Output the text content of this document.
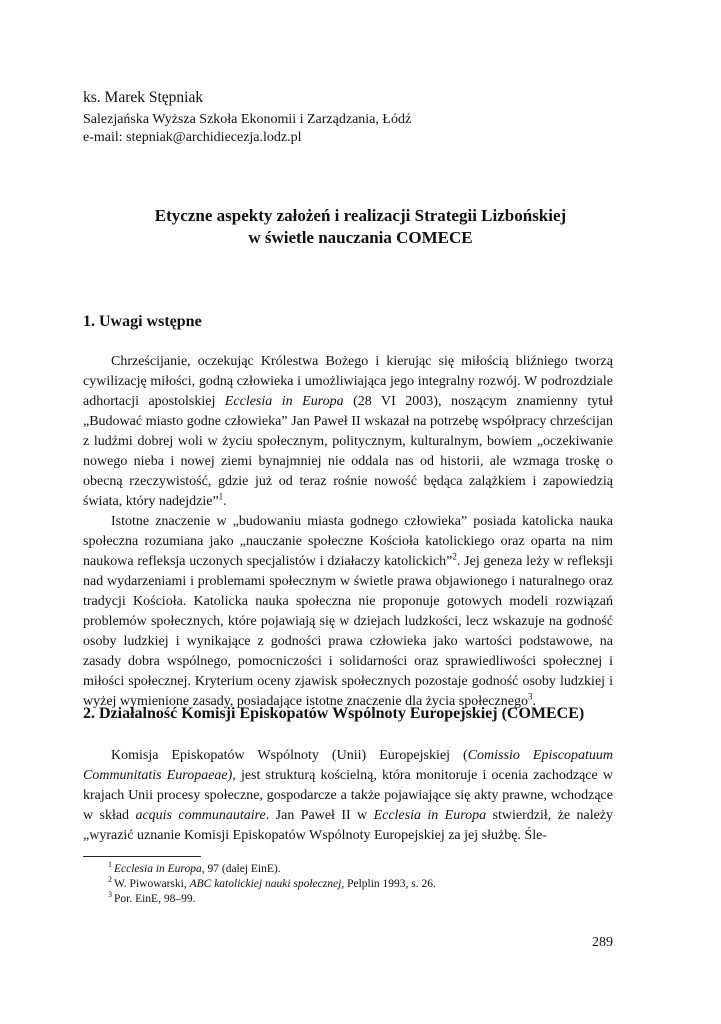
ks. Marek Stępniak

Salezjańska Wyższa Szkoła Ekonomii i Zarządzania, Łódź

e-mail: stepniak@archidiecezja.lodz.pl

Etyczne aspekty założeń i realizacji Strategii Lizbońskiej
w świetle nauczania COMECE
1. Uwagi wstępne

Chrześcijanie, oczekując Królestwa Bożego i kierując się miłością bliźniego tworzą cywilizację miłości, godną człowieka i umożliwiająca jego integralny rozwój. W podrozdziale adhortacji apostolskiej Ecclesia in Europa (28 VI 2003), noszącym znamienny tytuł „Budować miasto godne człowieka” Jan Paweł II wskazał na potrzebę współpracy chrześcijan z ludźmi dobrej woli w życiu społecznym, politycznym, kulturalnym, bowiem „oczekiwanie nowego nieba i nowej ziemi bynajmniej nie oddala nas od historii, ale wzmaga troskę o obecną rzeczywistość, gdzie już od teraz rośnie nowość będąca zalążkiem i zapowiedzią świata, który nadejdzie”$^1$.

Istotne znaczenie w „budowaniu miasta godnego człowieka” posiada katolicka nauka społeczna rozumiana jako „nauczanie społeczne Kościoła katolickiego oraz oparta na nim naukowa refleksja uczonych specjalistów i działaczy katolickich”$^2$. Jej geneza leży w refleksji nad wydarzeniami i problemami społecznym w świetle prawa objawionego i naturalnego oraz tradycji Kościoła. Katolicka nauka społeczna nie proponuje gotowych modeli rozwiązań problemów społecznych, które pojawiają się w dziejach ludzkości, lecz wskazuje na godność osoby ludzkiej i wynikające z godności prawa człowieka jako wartości podstawowe, na zasady dobra wspólnego, pomocniczości i solidarności oraz sprawiedliwości społecznej i miłości społecznej. Kryterium oceny zjawisk społecznych pozostaje godność osoby ludzkiej i wyżej wymienione zasady, posiadające istotne znaczenie dla życia społecznego$^3$.

2. Działalność Komisji Episkopatów Wspólnoty Europejskiej (COMECE)

Komisja Episkopatów Wspólnoty (Unii) Europejskiej (Comissio Episcopatuum Communitatis Europaeae), jest strukturą kościelną, która monitoruje i ocenia zachodzące w krajach Unii procesy społeczne, gospodarcze a także pojawiające się akty prawne, wchodzące w skład acquis communautaire. Jan Paweł II w Ecclesia in Europa stwierdził, że należy „wyrazić uznanie Komisji Episkopatów Wspólnoty Europejskiej za jej służbę. Śle-

$^1$ Ecclesia in Europa, 97 (dalej EinE).
$^2$ W. Piwowarski, ABC katolickiej nauki społecznej, Pelplin 1993, s. 26.
$^3$ Por. EinE, 98–99.

289
